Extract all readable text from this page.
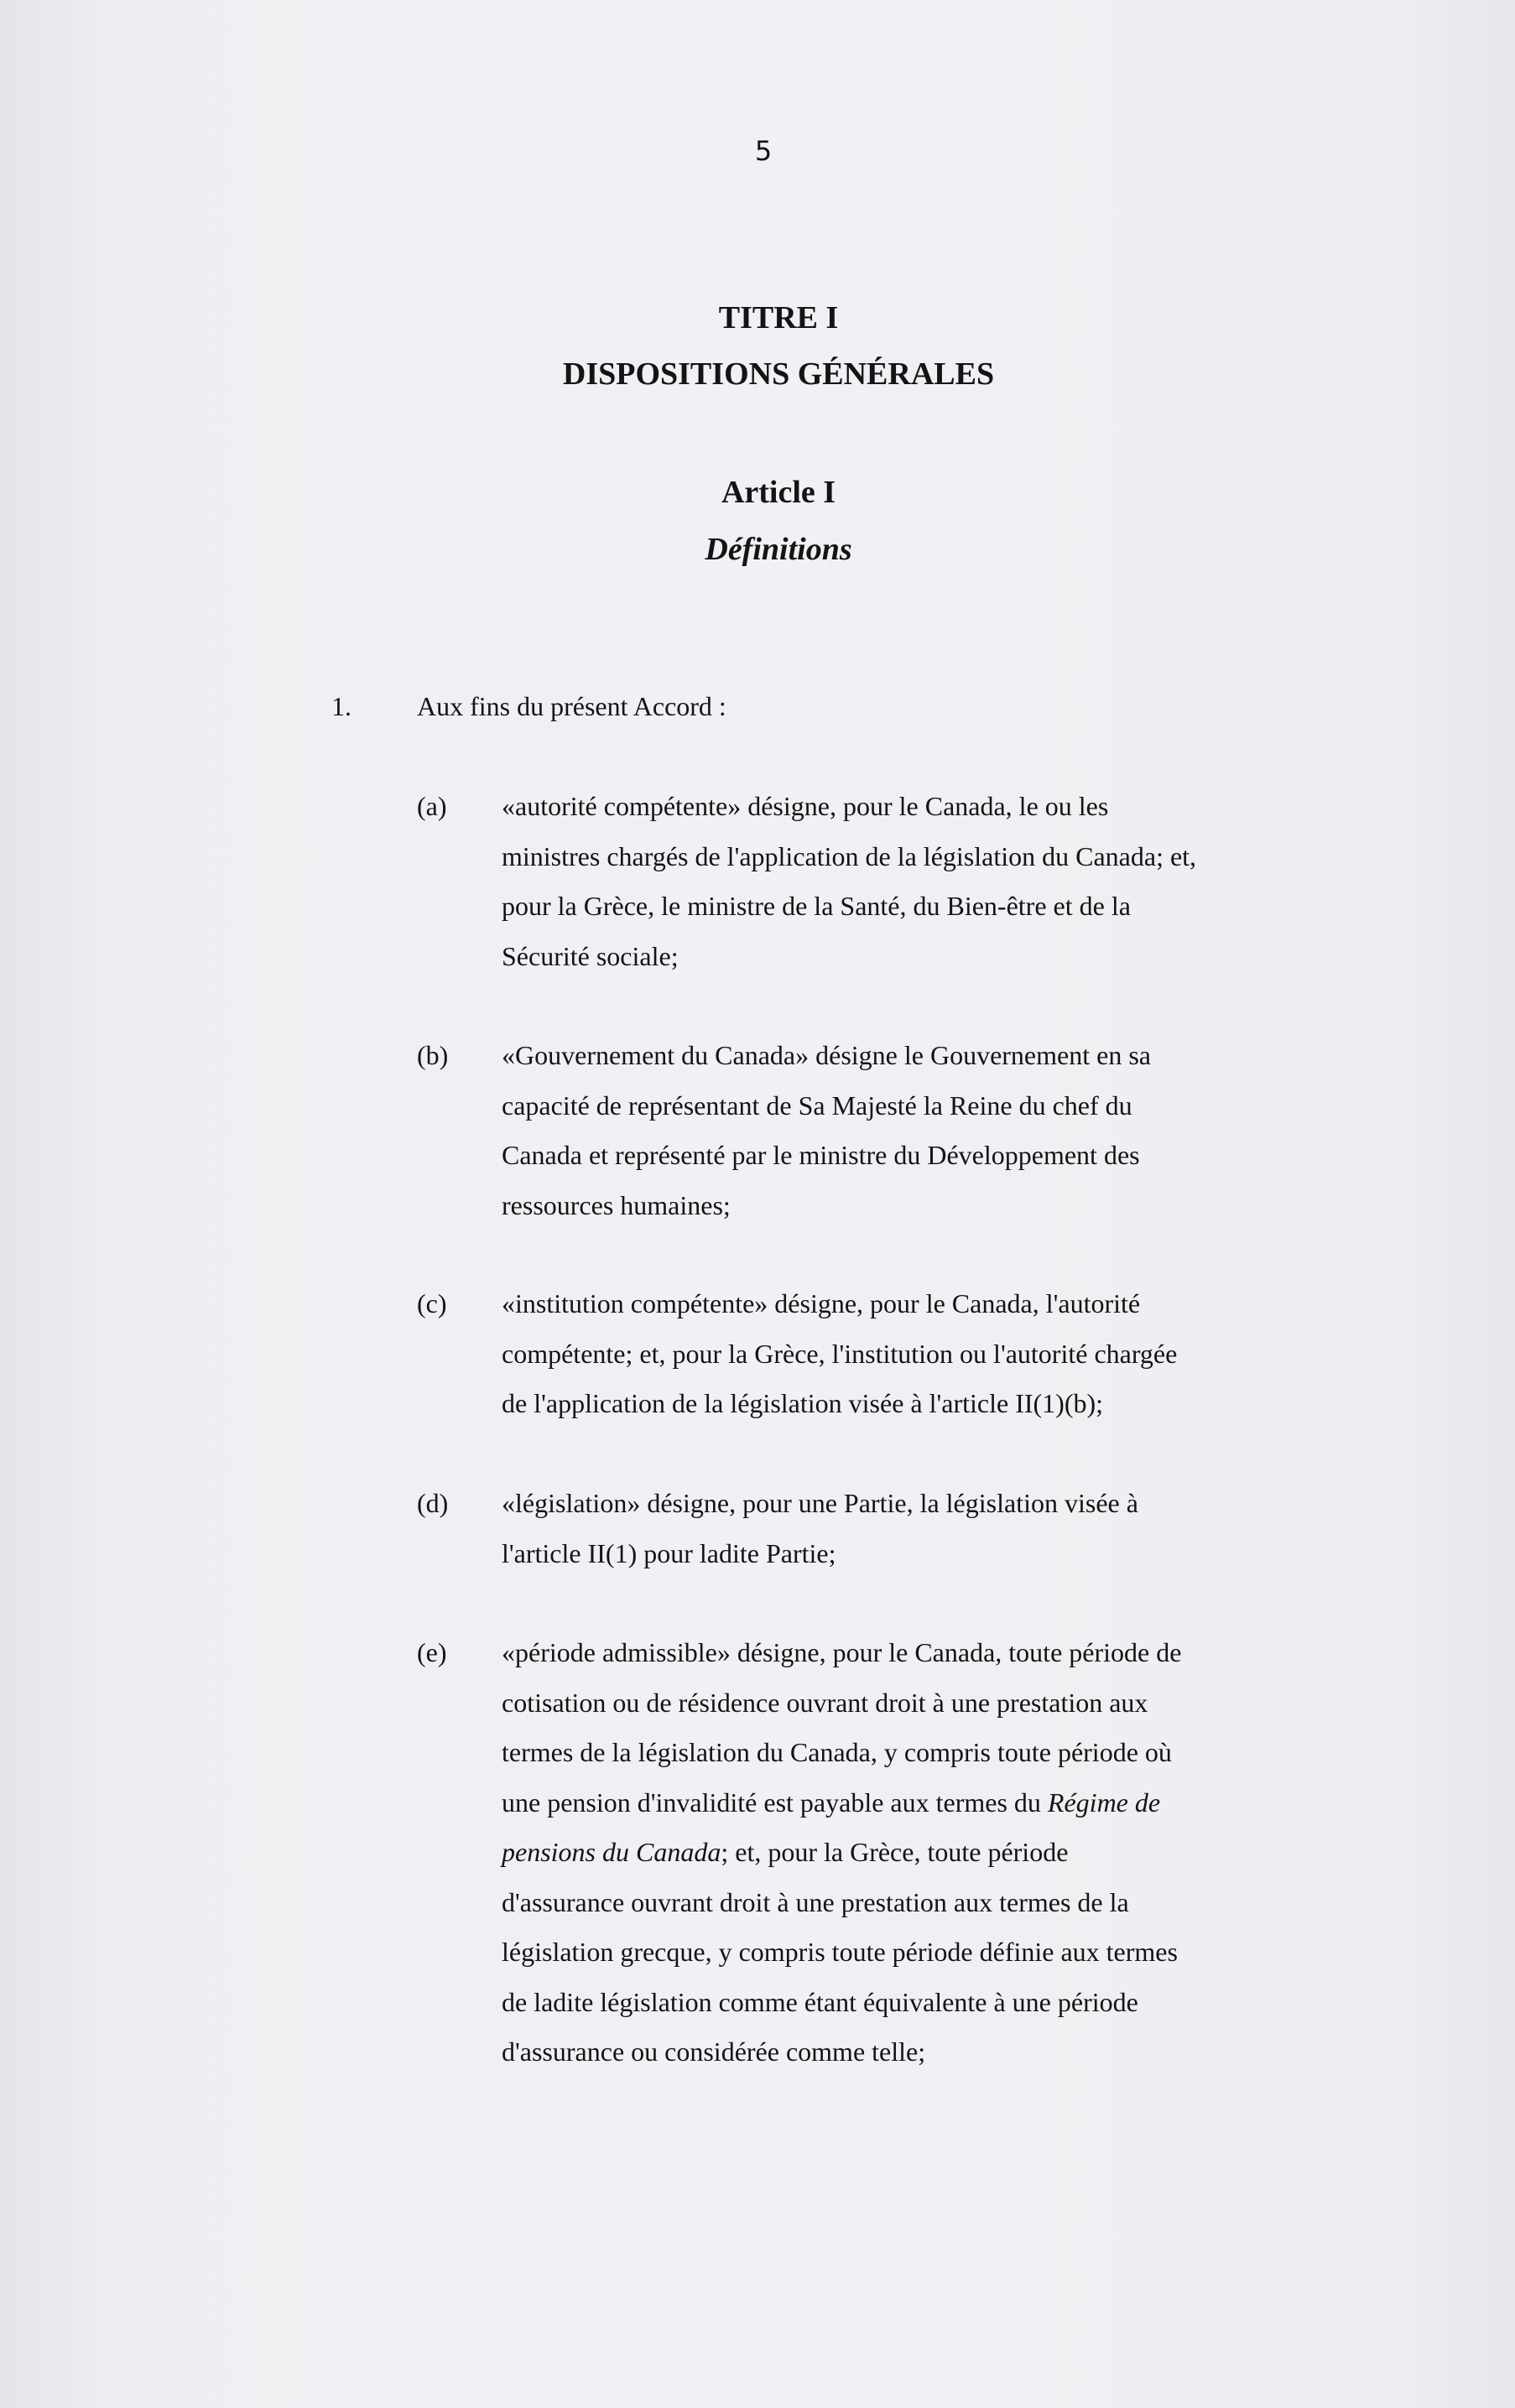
5
TITRE I
DISPOSITIONS GÉNÉRALES
Article I
Définitions
1. Aux fins du présent Accord :
(a) «autorité compétente» désigne, pour le Canada, le ou les
ministres chargés de l'application de la législation du Canada; et,
pour la Grèce, le ministre de la Santé, du Bien-être et de la
Sécurité sociale;
(b) «Gouvernement du Canada» désigne le Gouvernement en sa
capacité de représentant de Sa Majesté la Reine du chef du
Canada et représenté par le ministre du Développement des
ressources humaines;
(c) «institution compétente» désigne, pour le Canada, l'autorité
compétente; et, pour la Grèce, l'institution ou l'autorité chargée
de l'application de la législation visée à l'article II(1)(b);
(d) «législation» désigne, pour une Partie, la législation visée à
l'article II(1) pour ladite Partie;
(e) «période admissible» désigne, pour le Canada, toute période de
cotisation ou de résidence ouvrant droit à une prestation aux
termes de la législation du Canada, y compris toute période où
une pension d'invalidité est payable aux termes du Régime de
pensions du Canada; et, pour la Grèce, toute période
d'assurance ouvrant droit à une prestation aux termes de la
législation grecque, y compris toute période définie aux termes
de ladite législation comme étant équivalente à une période
d'assurance ou considérée comme telle;
